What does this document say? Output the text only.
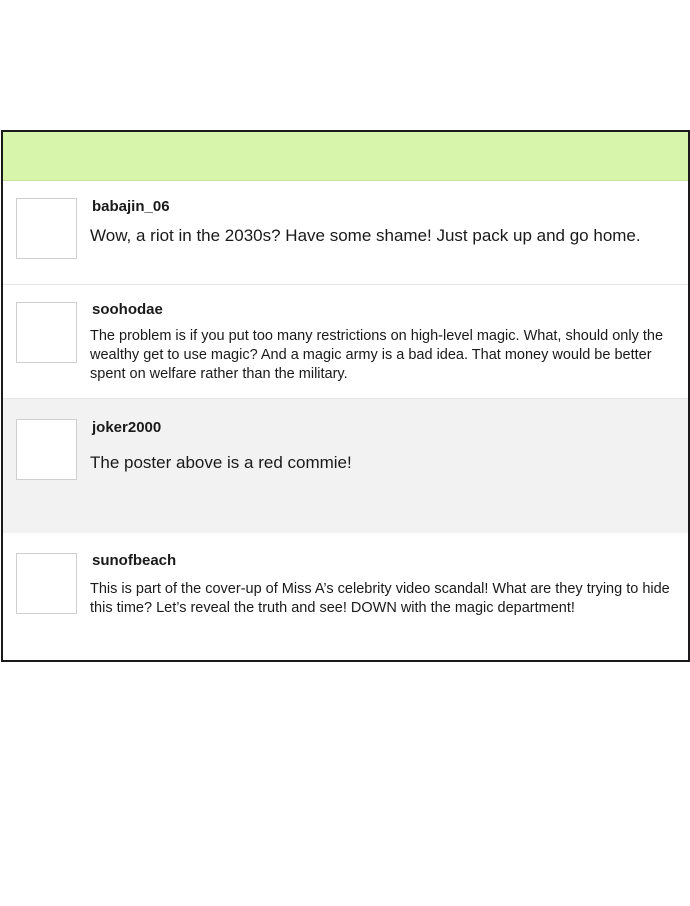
babajin_06

Wow, a riot in the 2030s? Have some shame! Just pack up and go home.

soohodae

The problem is if you put too many restrictions on high-level magic. What, should only the wealthy get to use magic? And a magic army is a bad idea. That money would be better spent on welfare rather than the military.

joker2000

The poster above is a red commie!

sunofbeach

This is part of the cover-up of Miss A’s celebrity video scandal! What are they trying to hide this time? Let’s reveal the truth and see! DOWN with the magic department!
